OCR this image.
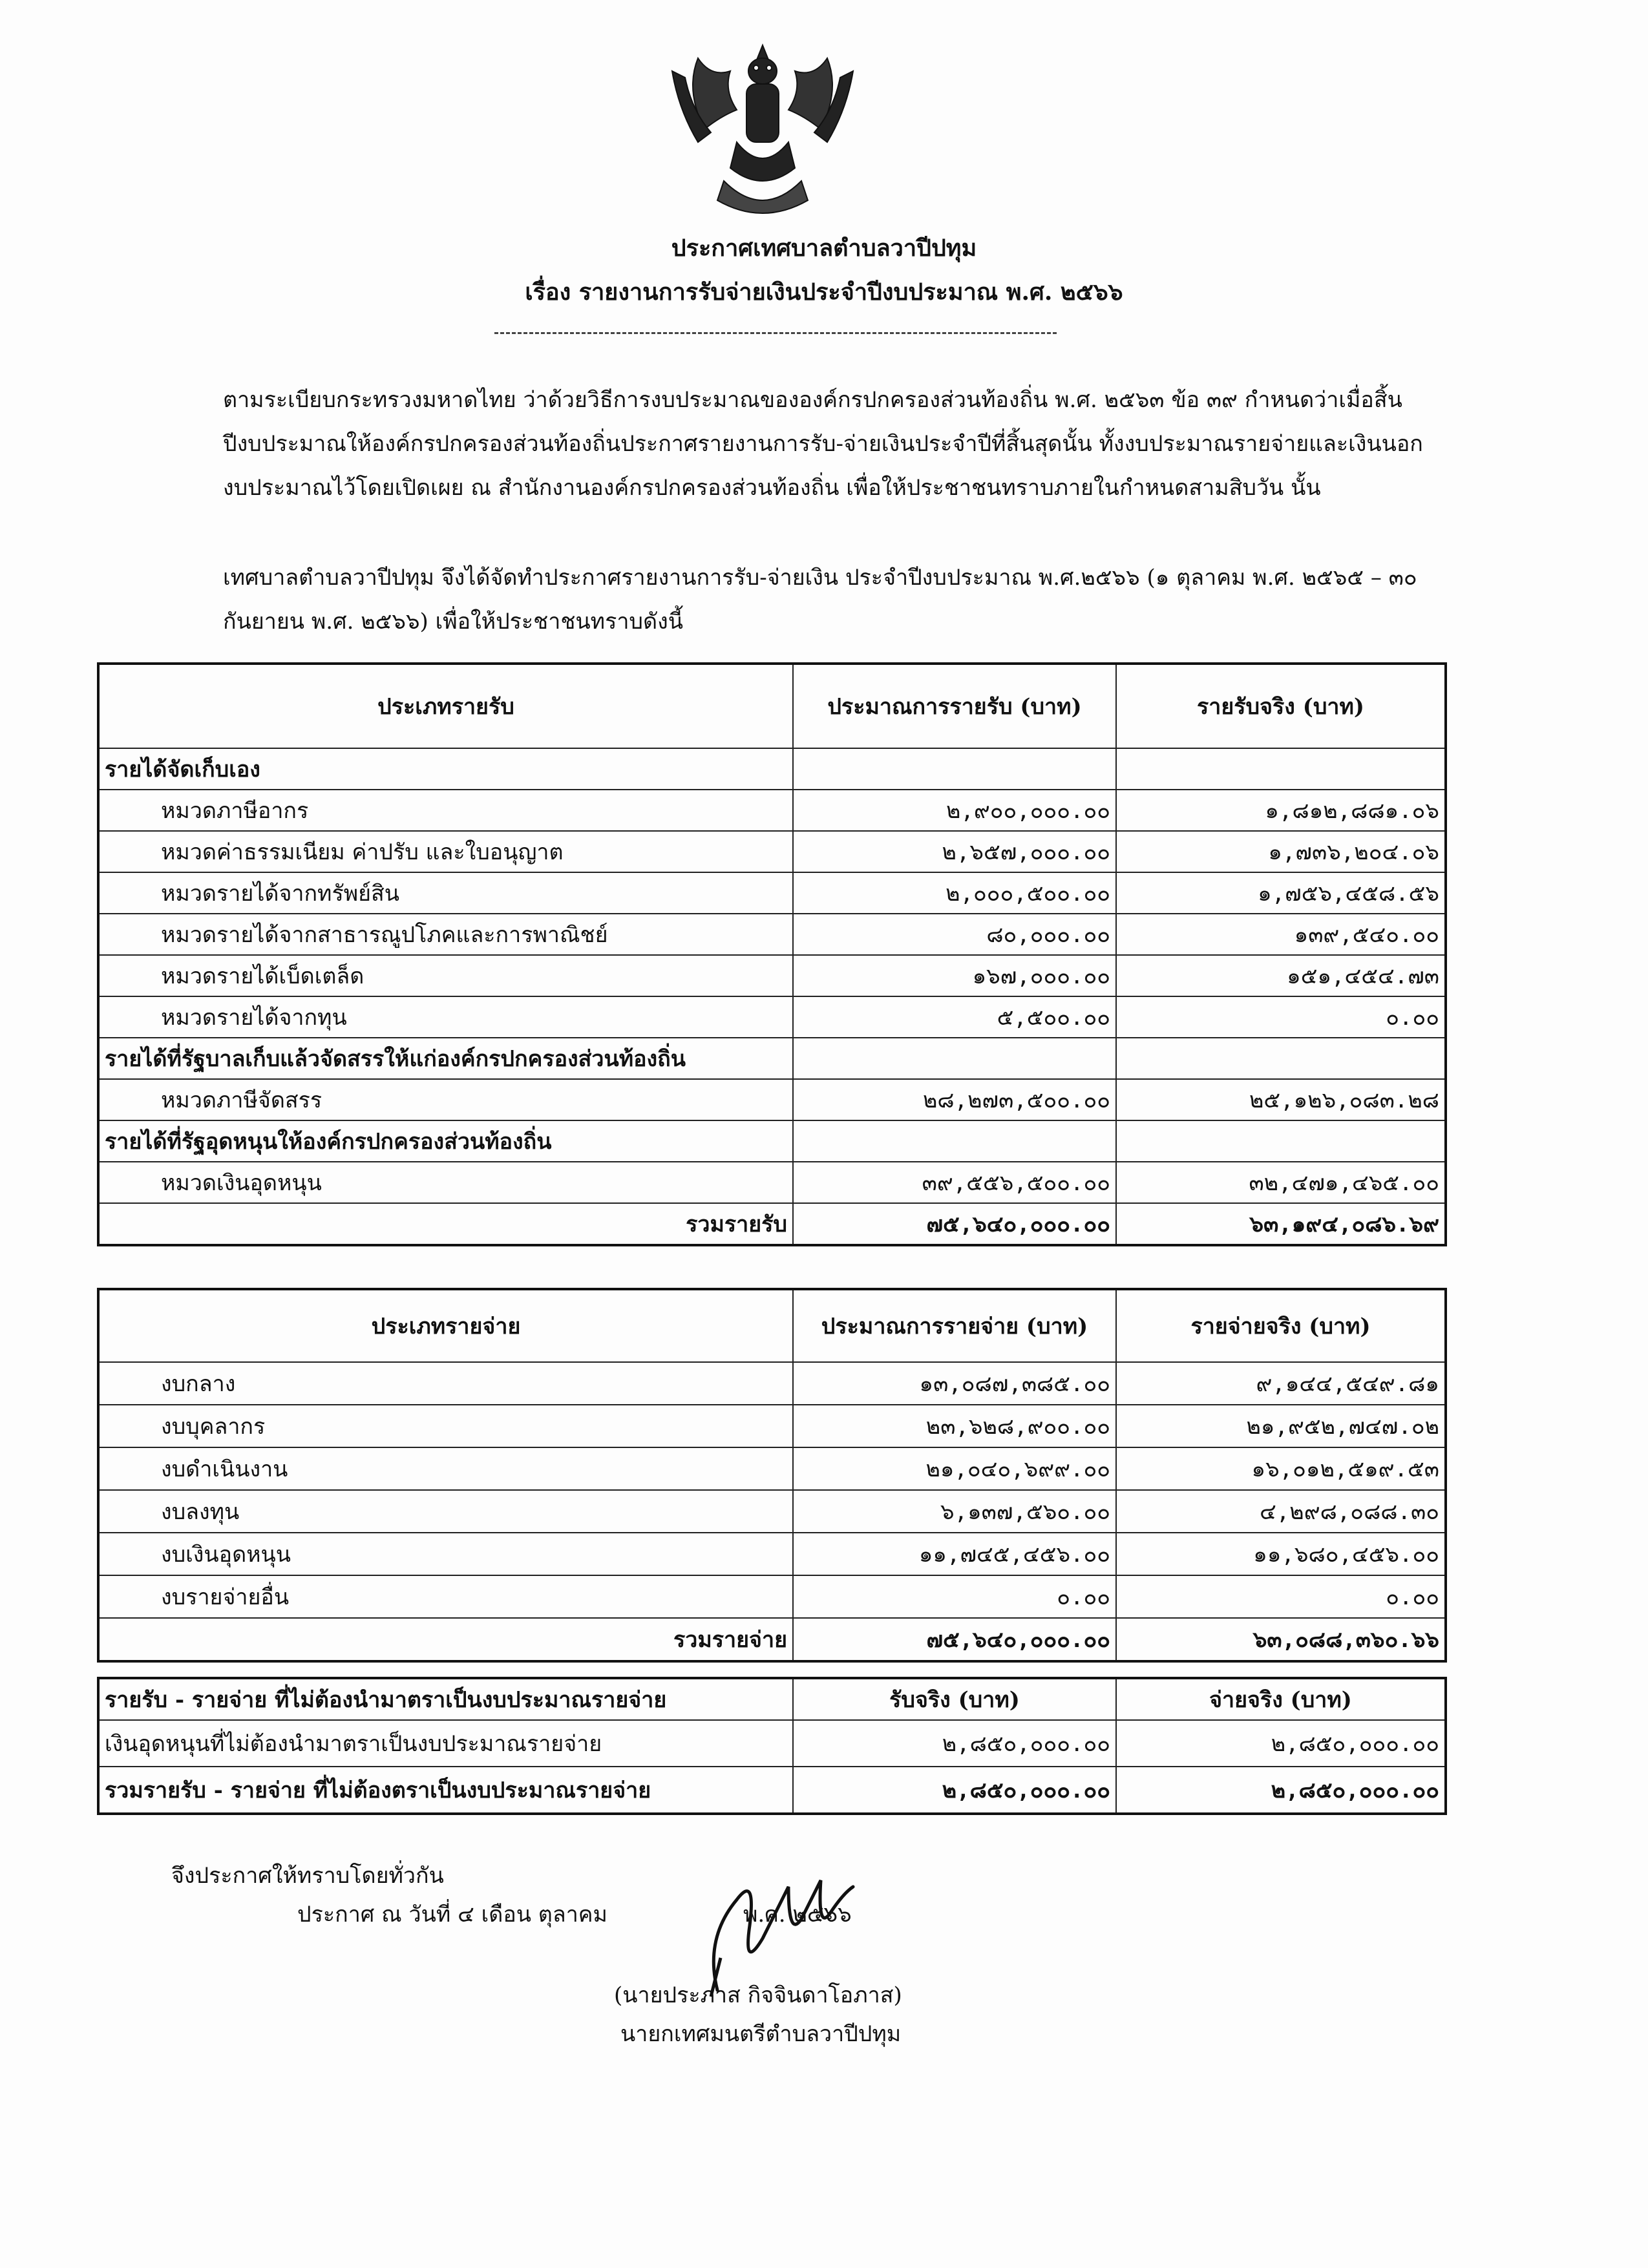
ประกาศเทศบาลตำบลวาปีปทุม
เรื่อง รายงานการรับจ่ายเงินประจำปีงบประมาณ พ.ศ. ๒๕๖๖

ตามระเบียบกระทรวงมหาดไทย ว่าด้วยวิธีการงบประมาณขององค์กรปกครองส่วนท้องถิ่น พ.ศ. ๒๕๖๓ ข้อ ๓๙ กำหนดว่าเมื่อสิ้นปีงบประมาณให้องค์กรปกครองส่วนท้องถิ่นประกาศรายงานการรับ-จ่ายเงินประจำปีที่สิ้นสุดนั้น ทั้งงบประมาณรายจ่ายและเงินนอกงบประมาณไว้โดยเปิดเผย ณ สำนักงานองค์กรปกครองส่วนท้องถิ่น เพื่อให้ประชาชนทราบภายในกำหนดสามสิบวัน นั้น

เทศบาลตำบลวาปีปทุม จึงได้จัดทำประกาศรายงานการรับ-จ่ายเงิน ประจำปีงบประมาณ พ.ศ.๒๕๖๖ (๑ ตุลาคม พ.ศ. ๒๕๖๕ – ๓๐ กันยายน พ.ศ. ๒๕๖๖) เพื่อให้ประชาชนทราบดังนี้

ประเภทรายรับ	ประมาณการรายรับ (บาท)	รายรับจริง (บาท)
รายได้จัดเก็บเอง		
หมวดภาษีอากร	๒,๙๐๐,๐๐๐.๐๐	๑,๘๑๒,๘๘๑.๐๖
หมวดค่าธรรมเนียม ค่าปรับ และใบอนุญาต	๒,๖๕๗,๐๐๐.๐๐	๑,๗๓๖,๒๐๔.๐๖
หมวดรายได้จากทรัพย์สิน	๒,๐๐๐,๕๐๐.๐๐	๑,๗๕๖,๔๕๘.๕๖
หมวดรายได้จากสาธารณูปโภคและการพาณิชย์	๘๐,๐๐๐.๐๐	๑๓๙,๕๔๐.๐๐
หมวดรายได้เบ็ดเตล็ด	๑๖๗,๐๐๐.๐๐	๑๕๑,๔๕๔.๗๓
หมวดรายได้จากทุน	๕,๕๐๐.๐๐	๐.๐๐
รายได้ที่รัฐบาลเก็บแล้วจัดสรรให้แก่องค์กรปกครองส่วนท้องถิ่น		
หมวดภาษีจัดสรร	๒๘,๒๗๓,๕๐๐.๐๐	๒๕,๑๒๖,๐๘๓.๒๘
รายได้ที่รัฐอุดหนุนให้องค์กรปกครองส่วนท้องถิ่น		
หมวดเงินอุดหนุน	๓๙,๕๕๖,๕๐๐.๐๐	๓๒,๔๗๑,๔๖๕.๐๐
รวมรายรับ	๗๕,๖๔๐,๐๐๐.๐๐	๖๓,๑๙๔,๐๘๖.๖๙
ประเภทรายจ่าย	ประมาณการรายจ่าย (บาท)	รายจ่ายจริง (บาท)
งบกลาง	๑๓,๐๘๗,๓๘๕.๐๐	๙,๑๔๔,๕๔๙.๘๑
งบบุคลากร	๒๓,๖๒๘,๙๐๐.๐๐	๒๑,๙๕๒,๗๔๗.๐๒
งบดำเนินงาน	๒๑,๐๔๐,๖๙๙.๐๐	๑๖,๐๑๒,๕๑๙.๕๓
งบลงทุน	๖,๑๓๗,๕๖๐.๐๐	๔,๒๙๘,๐๘๘.๓๐
งบเงินอุดหนุน	๑๑,๗๔๕,๔๕๖.๐๐	๑๑,๖๘๐,๔๕๖.๐๐
งบรายจ่ายอื่น	๐.๐๐	๐.๐๐
รวมรายจ่าย	๗๕,๖๔๐,๐๐๐.๐๐	๖๓,๐๘๘,๓๖๐.๖๖
รายรับ - รายจ่าย ที่ไม่ต้องนำมาตราเป็นงบประมาณรายจ่าย	รับจริง (บาท)	จ่ายจริง (บาท)
เงินอุดหนุนที่ไม่ต้องนำมาตราเป็นงบประมาณรายจ่าย	๒,๘๕๐,๐๐๐.๐๐	๒,๘๕๐,๐๐๐.๐๐
รวมรายรับ - รายจ่าย ที่ไม่ต้องตราเป็นงบประมาณรายจ่าย	๒,๘๕๐,๐๐๐.๐๐	๒,๘๕๐,๐๐๐.๐๐
จึงประกาศให้ทราบโดยทั่วกัน
ประกาศ ณ วันที่ ๔ เดือน ตุลาคม	พ.ศ. ๒๕๖๖
(นายประภาส กิจจินดาโอภาส)
นายกเทศมนตรีตำบลวาปีปทุม
